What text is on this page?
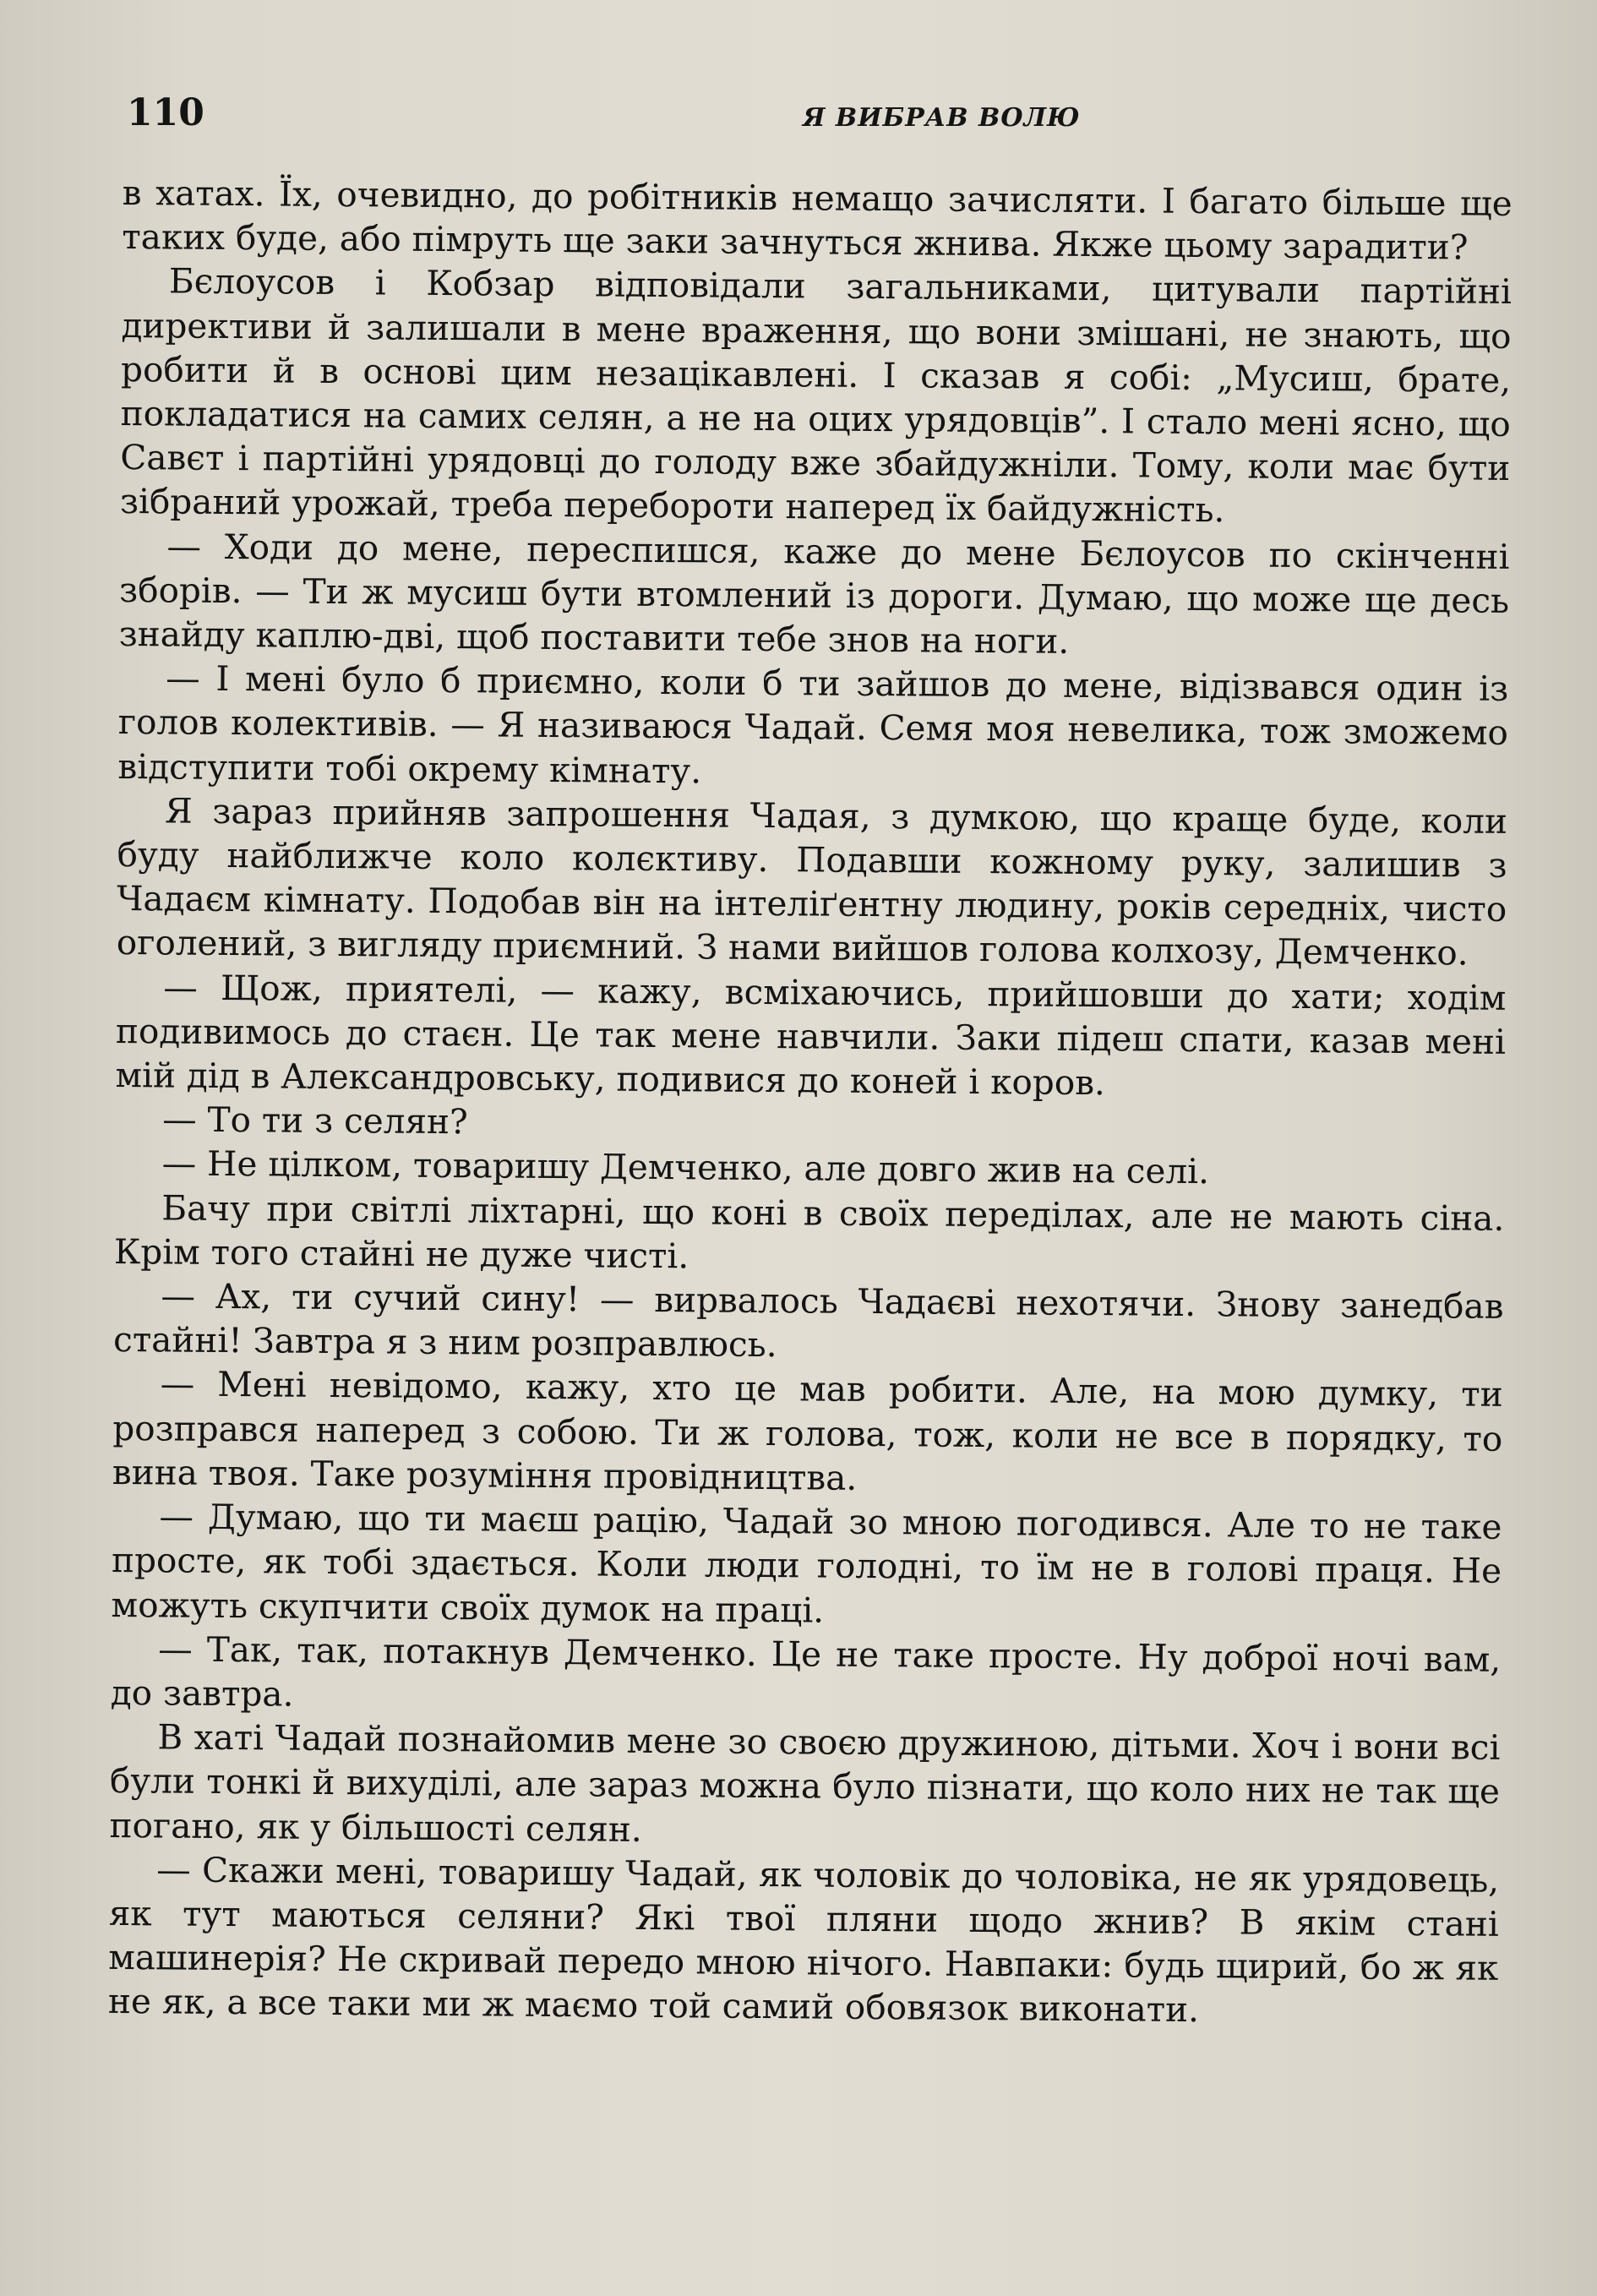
110	Я ВИБРАВ ВОЛЮ

в хатах. Їх, очевидно, до робітників немащо зачисляти. І багато більше ще таких буде, або пімруть ще заки зачнуться жнива. Якже цьому зарадити?

Бєлоусов і Кобзар відповідали загальниками, цитували партійні директиви й залишали в мене враження, що вони змішані, не знають, що робити й в основі цим незацікавлені. І сказав я собі: „Мусиш, брате, покладатися на самих селян, а не на оцих урядовців”. І стало мені ясно, що Савєт і партійні урядовці до голоду вже збайдужніли. Тому, коли має бути зібраний урожай, треба перебороти наперед їх байдужність.

— Ходи до мене, переспишся, каже до мене Бєлоусов по скінченні зборів. — Ти ж мусиш бути втомлений із дороги. Думаю, що може ще десь знайду каплю-дві, щоб поставити тебе знов на ноги.

— І мені було б приємно, коли б ти зайшов до мене, відізвався один із голов колективів. — Я називаюся Чадай. Семя моя невелика, тож зможемо відступити тобі окрему кімнату.

Я зараз прийняв запрошення Чадая, з думкою, що краще буде, коли буду найближче коло колєктиву. Подавши кожному руку, залишив з Чадаєм кімнату. Подобав він на інтеліґентну людину, років середніх, чисто оголений, з вигляду приємний. З нами вийшов голова колхозу, Демченко.

— Щож, приятелі, — кажу, всміхаючись, прийшовши до хати; ходім подивимось до стаєн. Це так мене навчили. Заки підеш спати, казав мені мій дід в Александровську, подивися до коней і коров.

— То ти з селян?

— Не цілком, товаришу Демченко, але довго жив на селі.

Бачу при світлі ліхтарні, що коні в своїх переділах, але не мають сіна. Крім того стайні не дуже чисті.

— Ах, ти сучий сину! — вирвалось Чадаєві нехотячи. Знову занедбав стайні! Завтра я з ним розправлюсь.

— Мені невідомо, кажу, хто це мав робити. Але, на мою думку, ти розправся наперед з собою. Ти ж голова, тож, коли не все в порядку, то вина твоя. Таке розуміння провідництва.

— Думаю, що ти маєш рацію, Чадай зо мною погодився. Але то не таке просте, як тобі здається. Коли люди голодні, то їм не в голові праця. Не можуть скупчити своїх думок на праці.

— Так, так, потакнув Демченко. Це не таке просте. Ну доброї ночі вам, до завтра.

В хаті Чадай познайомив мене зо своєю дружиною, дітьми. Хоч і вони всі були тонкі й вихуділі, але зараз можна було пізнати, що коло них не так ще погано, як у більшості селян.

— Скажи мені, товаришу Чадай, як чоловік до чоловіка, не як урядовець, як тут маються селяни? Які твої пляни щодо жнив? В якім стані машинерія? Не скривай передо мною нічого. Навпаки: будь щирий, бо ж як не як, а все таки ми ж маємо той самий обовязок виконати.
